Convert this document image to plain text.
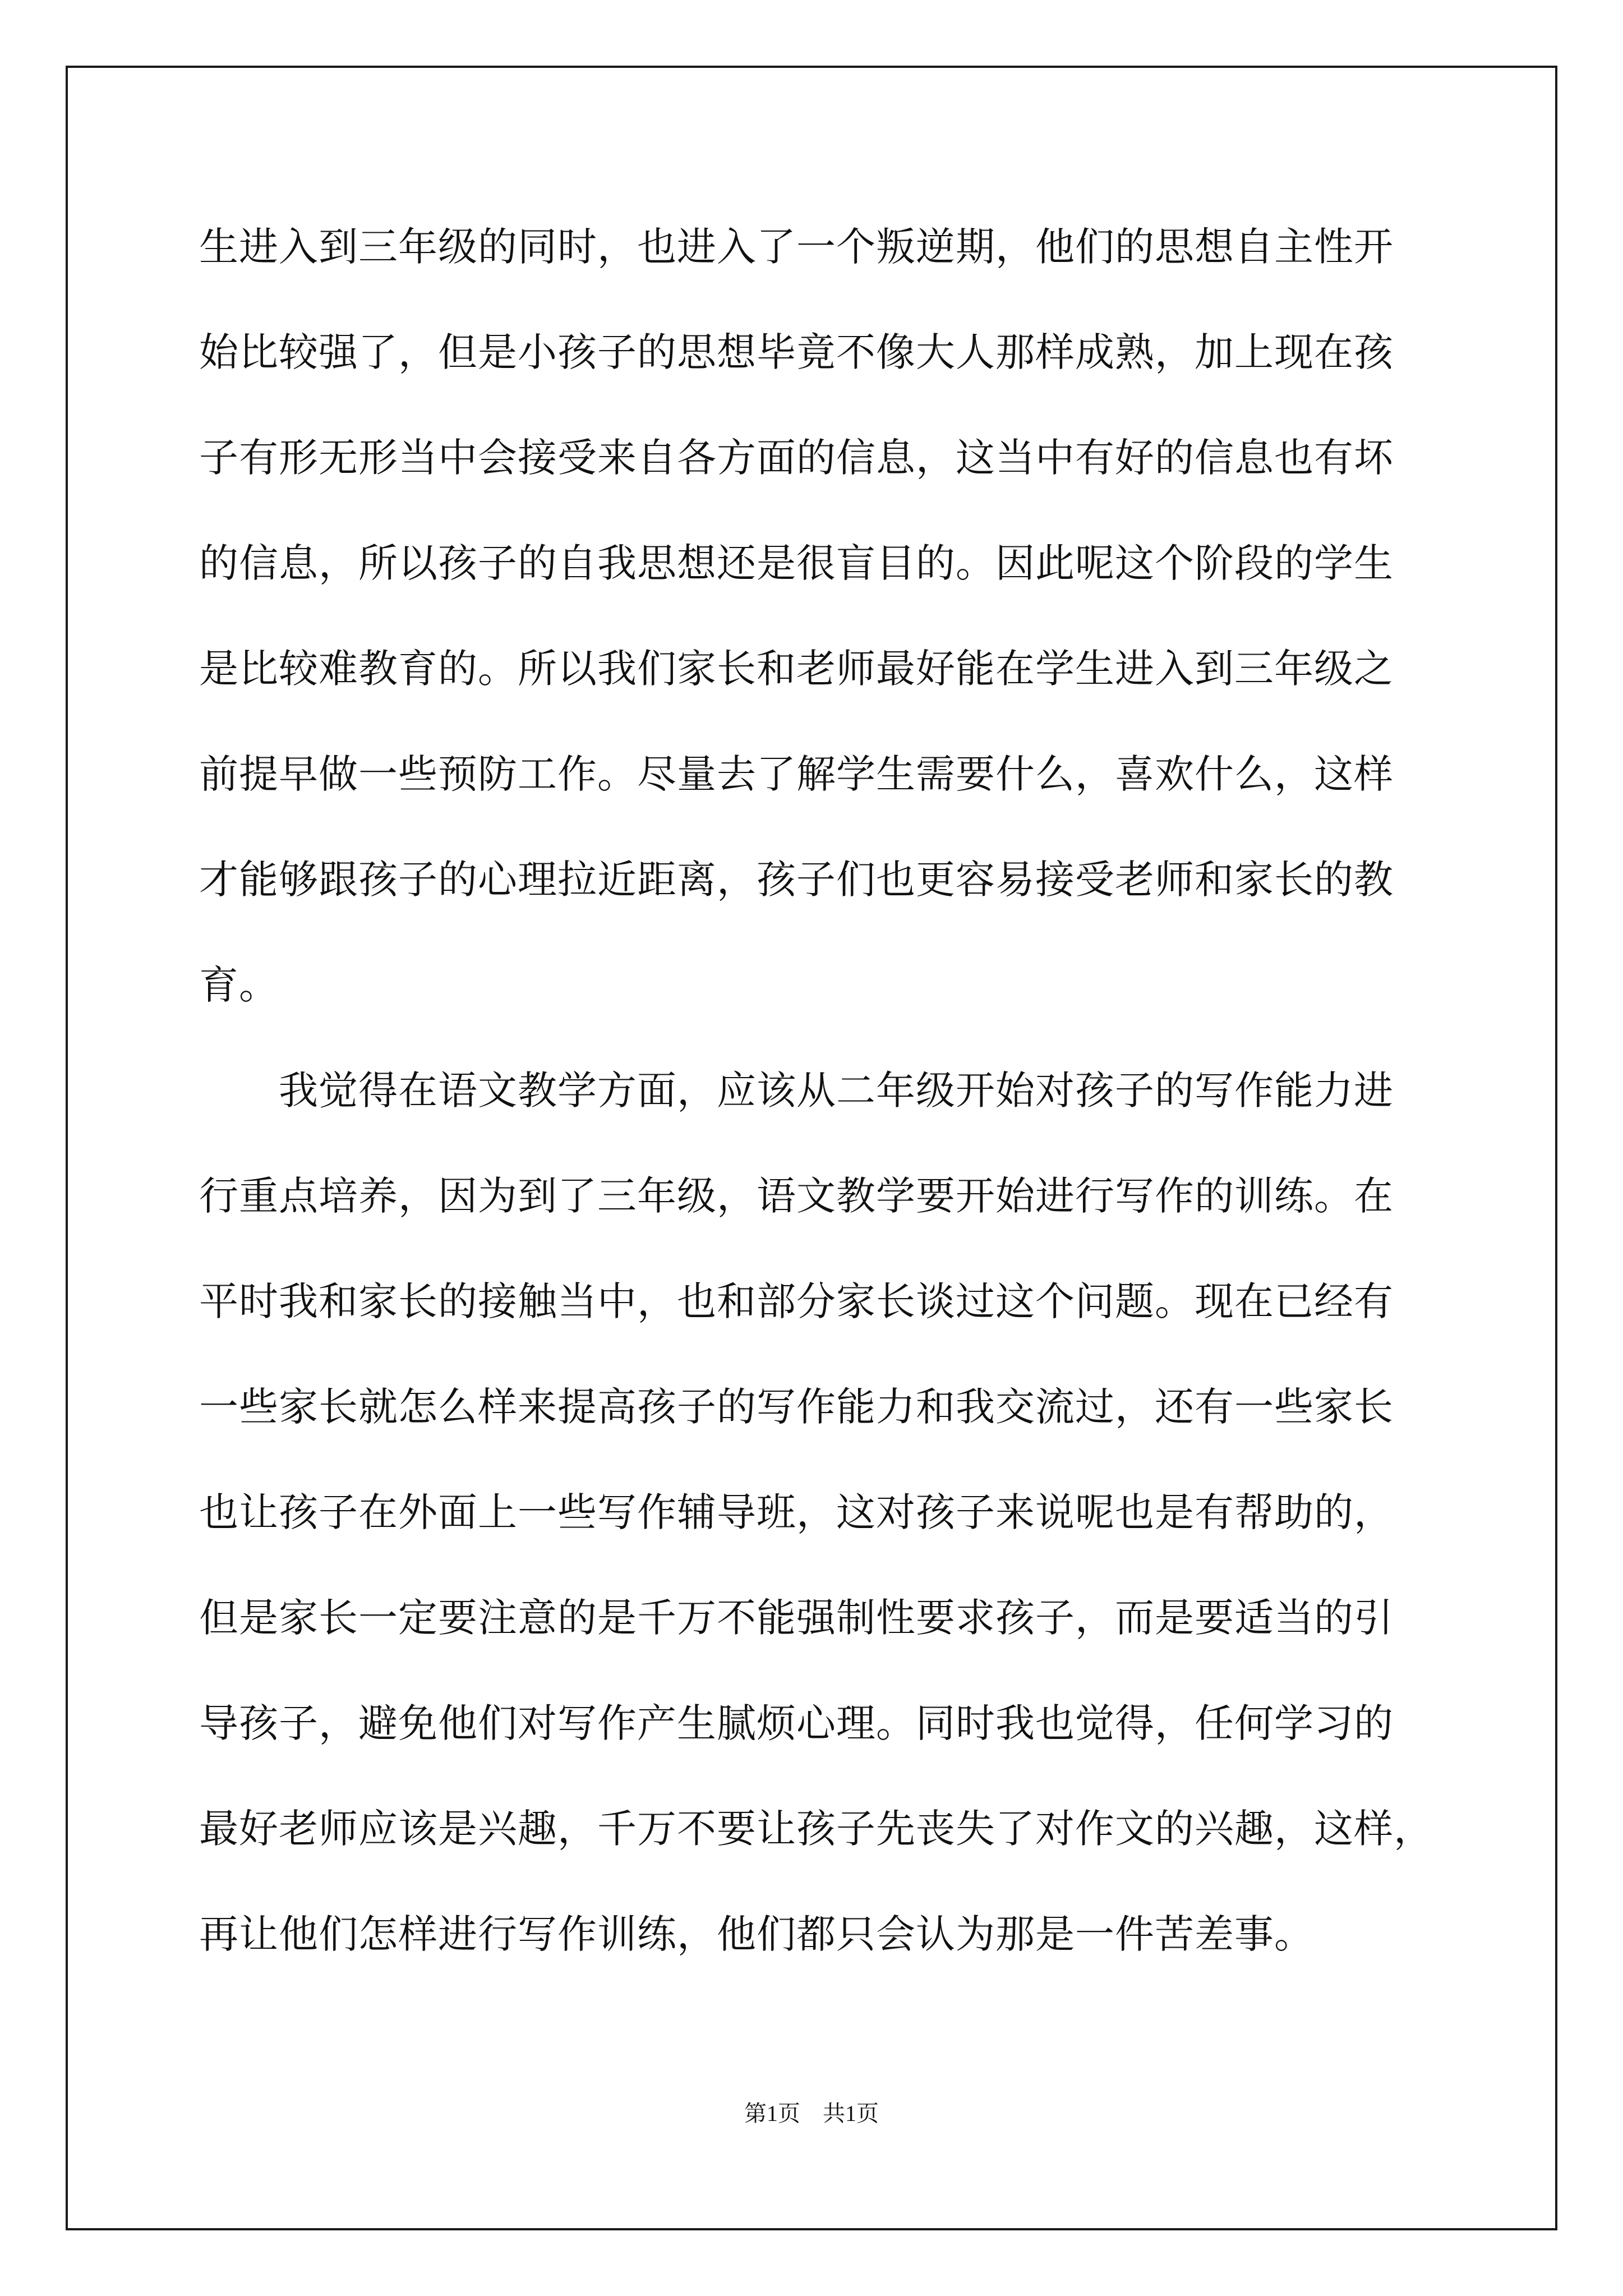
生进入到三年级的同时，也进入了一个叛逆期，他们的思想自主性开
始比较强了，但是小孩子的思想毕竟不像大人那样成熟，加上现在孩
子有形无形当中会接受来自各方面的信息，这当中有好的信息也有坏
的信息，所以孩子的自我思想还是很盲目的。因此呢这个阶段的学生
是比较难教育的。所以我们家长和老师最好能在学生进入到三年级之
前提早做一些预防工作。尽量去了解学生需要什么，喜欢什么，这样
才能够跟孩子的心理拉近距离，孩子们也更容易接受老师和家长的教
育。
　　我觉得在语文教学方面，应该从二年级开始对孩子的写作能力进
行重点培养，因为到了三年级，语文教学要开始进行写作的训练。在
平时我和家长的接触当中，也和部分家长谈过这个问题。现在已经有
一些家长就怎么样来提高孩子的写作能力和我交流过，还有一些家长
也让孩子在外面上一些写作辅导班，这对孩子来说呢也是有帮助的，
但是家长一定要注意的是千万不能强制性要求孩子，而是要适当的引
导孩子，避免他们对写作产生腻烦心理。同时我也觉得，任何学习的
最好老师应该是兴趣，千万不要让孩子先丧失了对作文的兴趣，这样，
再让他们怎样进行写作训练，他们都只会认为那是一件苦差事。
第1页　共1页
